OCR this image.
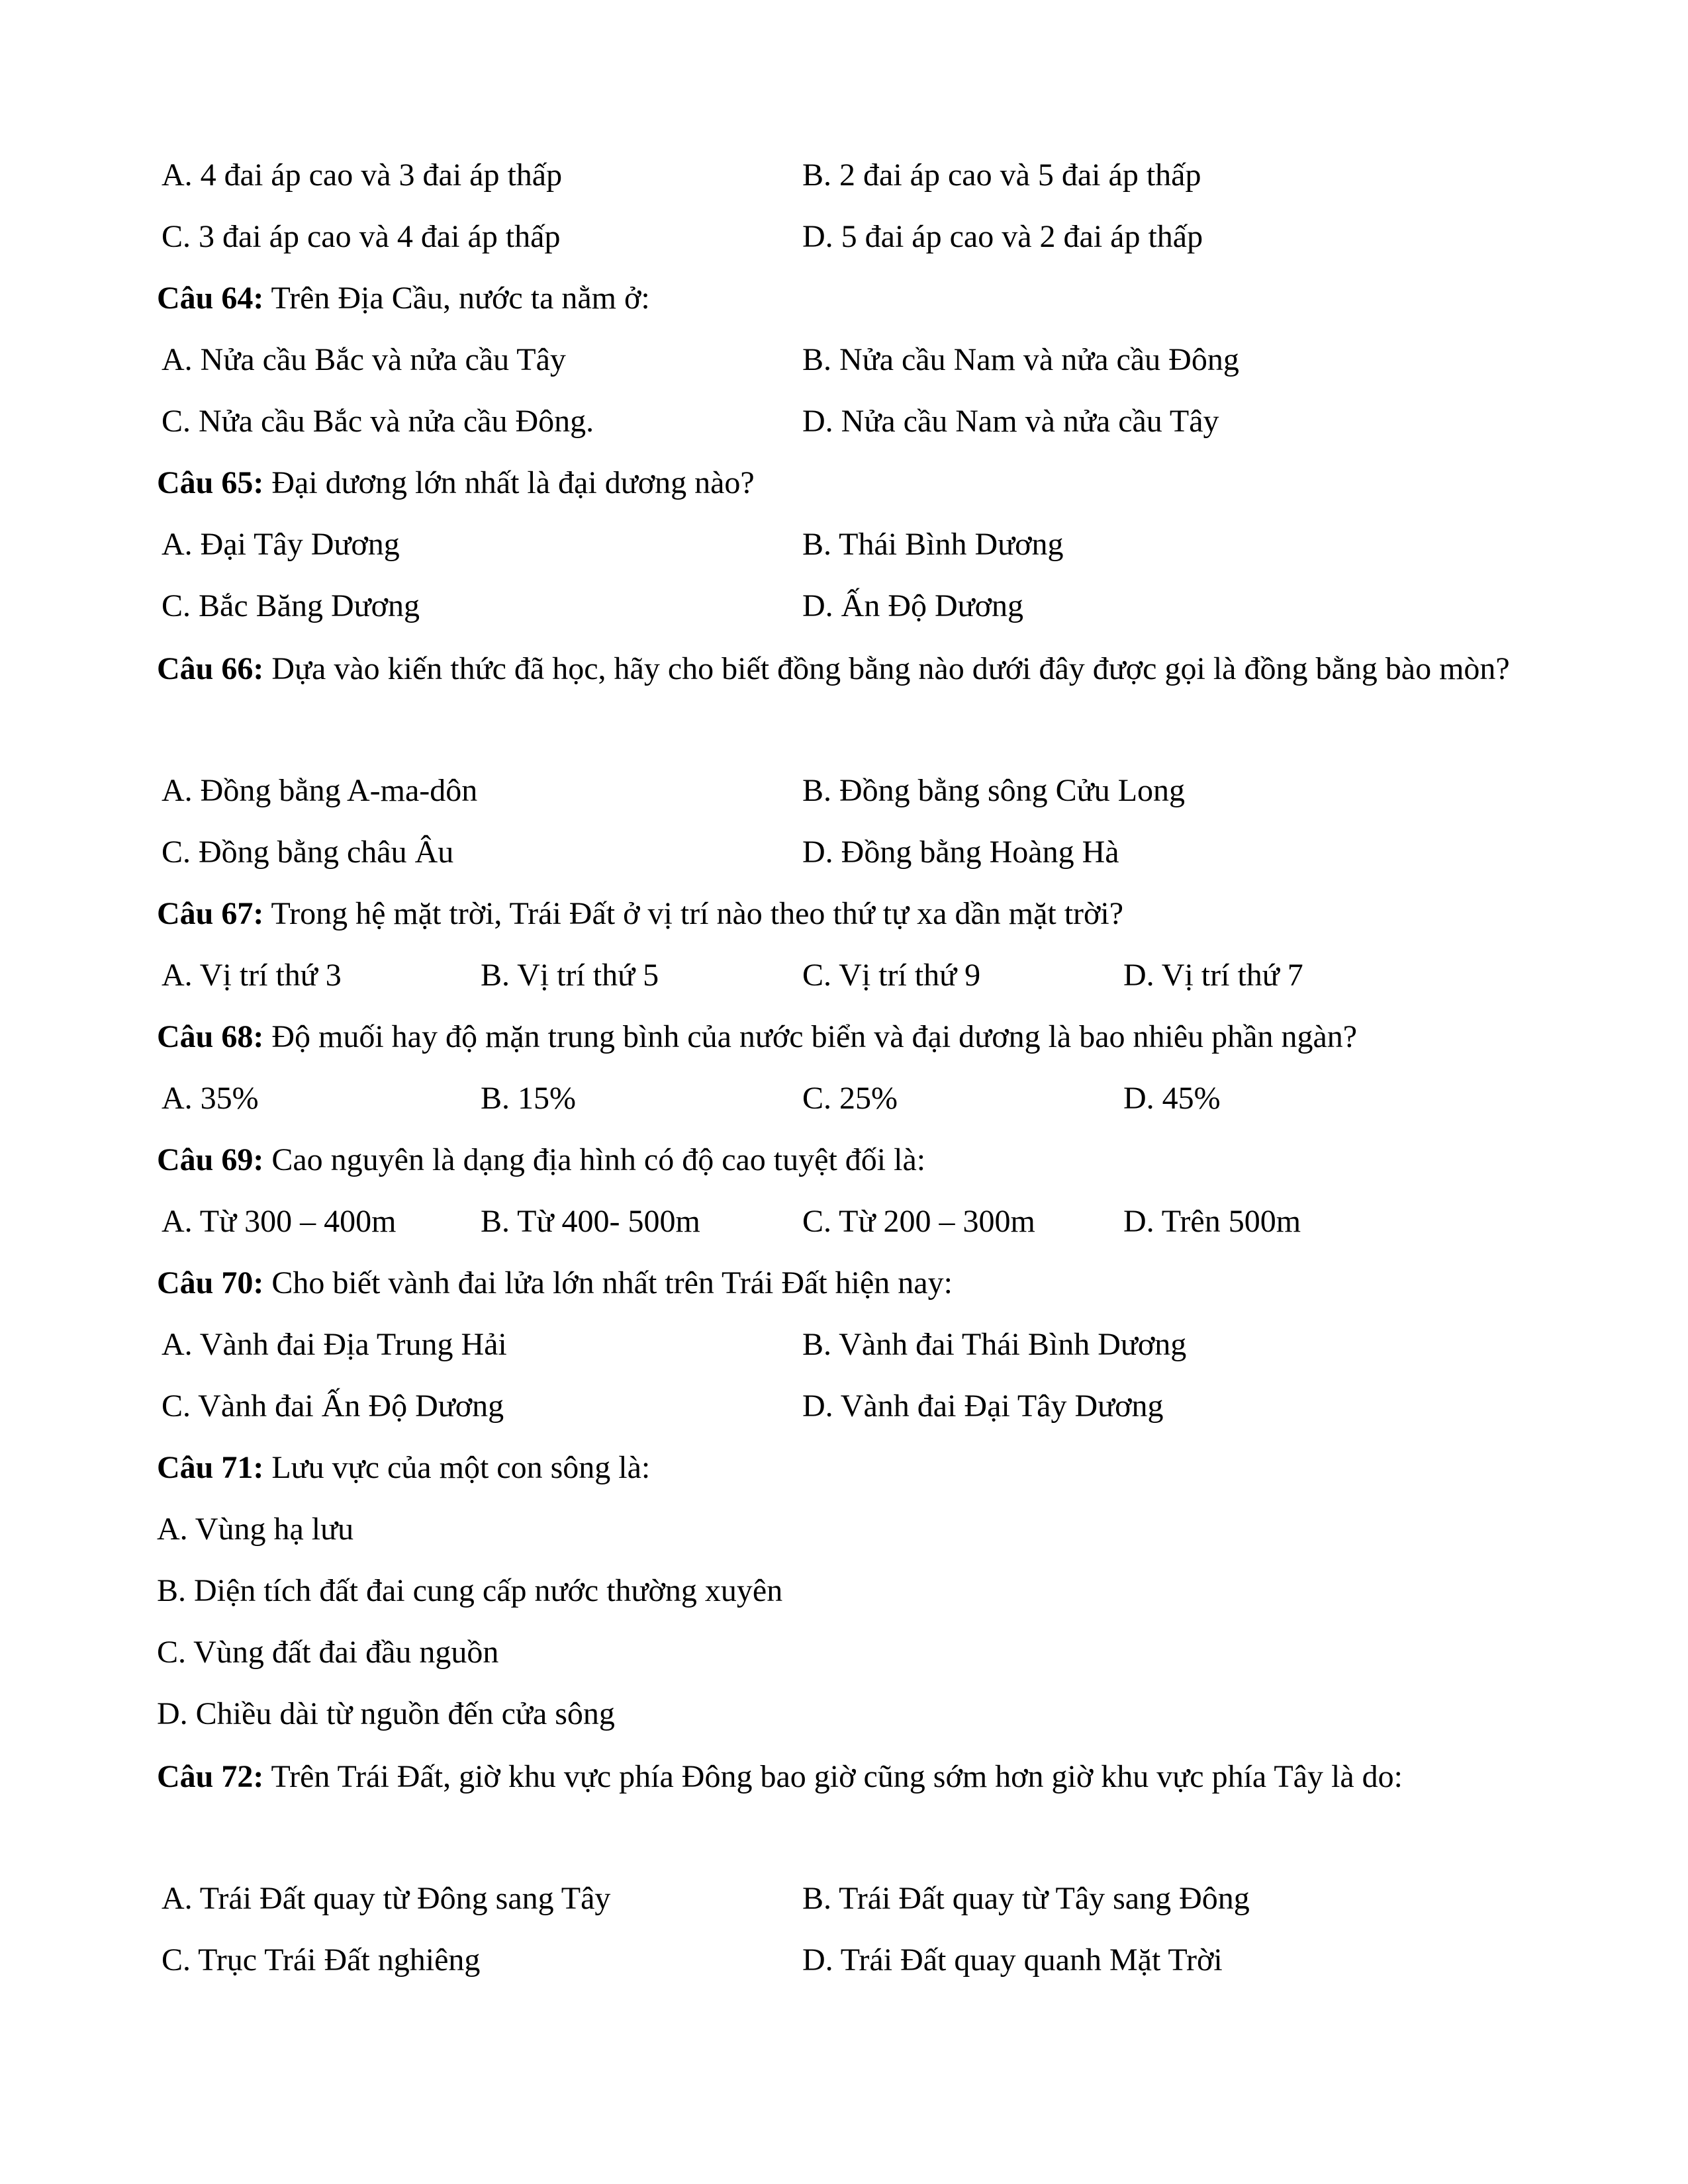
A. 4 đai áp cao và 3 đai áp thấp	B. 2 đai áp cao và 5 đai áp thấp
C. 3 đai áp cao và 4 đai áp thấp	D. 5 đai áp cao và 2 đai áp thấp
Câu 64: Trên Địa Cầu, nước ta nằm ở:
A. Nửa cầu Bắc và nửa cầu Tây	B. Nửa cầu Nam và nửa cầu Đông
C. Nửa cầu Bắc và nửa cầu Đông.	D. Nửa cầu Nam và nửa cầu Tây
Câu 65: Đại dương lớn nhất là đại dương nào?
A. Đại Tây Dương	B. Thái Bình Dương
C. Bắc Băng Dương	D. Ấn Độ Dương
Câu 66: Dựa vào kiến thức đã học, hãy cho biết đồng bằng nào dưới đây được gọi là đồng bằng bào mòn?
A. Đồng bằng A-ma-dôn	B. Đồng bằng sông Cửu Long
C. Đồng bằng châu Âu	D. Đồng bằng Hoàng Hà
Câu 67: Trong hệ mặt trời, Trái Đất ở vị trí nào theo thứ tự xa dần mặt trời?
A. Vị trí thứ 3	B. Vị trí thứ 5	C. Vị trí thứ 9	D. Vị trí thứ 7
Câu 68: Độ muối hay độ mặn trung bình của nước biển và đại dương là bao nhiêu phần ngàn?
A. 35%	B. 15%	C. 25%	D. 45%
Câu 69: Cao nguyên là dạng địa hình có độ cao tuyệt đối là:
A. Từ 300 – 400m	B. Từ 400- 500m	C. Từ 200 – 300m	D. Trên 500m
Câu 70: Cho biết vành đai lửa lớn nhất trên Trái Đất hiện nay:
A. Vành đai Địa Trung Hải	B. Vành đai Thái Bình Dương
C. Vành đai Ấn Độ Dương	D. Vành đai Đại Tây Dương
Câu 71: Lưu vực của một con sông là:
A. Vùng hạ lưu
B. Diện tích đất đai cung cấp nước thường xuyên
C. Vùng đất đai đầu nguồn
D. Chiều dài từ nguồn đến cửa sông
Câu 72: Trên Trái Đất, giờ khu vực phía Đông bao giờ cũng sớm hơn giờ khu vực phía Tây là do:
A. Trái Đất quay từ Đông sang Tây	B. Trái Đất quay từ Tây sang Đông
C. Trục Trái Đất nghiêng	D. Trái Đất quay quanh Mặt Trời
